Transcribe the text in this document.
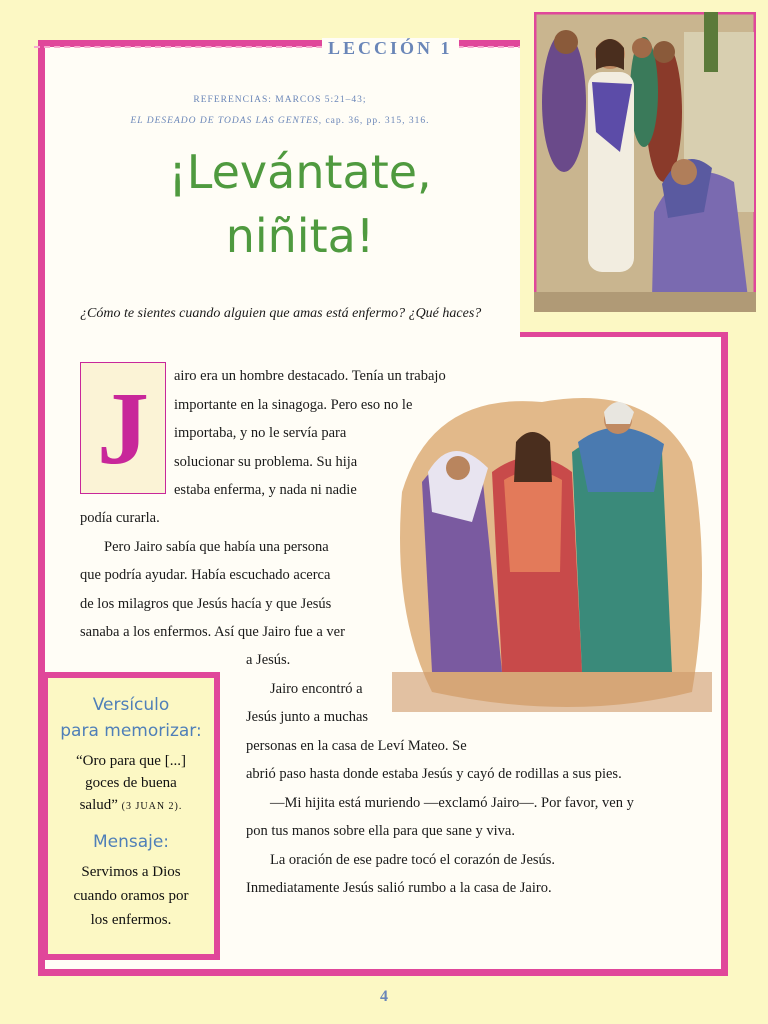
LECCIÓN 1
REFERENCIAS: MARCOS 5:21–43;
EL DESEADO DE TODAS LAS GENTES, cap. 36, pp. 315, 316.
¡Levántate,
niñita!
¿Cómo te sientes cuando alguien que amas está enfermo? ¿Qué haces?
J	airo era un hombre destacado. Tenía un trabajo

importante en la sinagoga. Pero eso no le

importaba, y no le servía para

solucionar su problema. Su hija

estaba enferma, y nada ni nadie

podía curarla.

Pero Jairo sabía que había una persona

que podría ayudar. Había escuchado acerca

de los milagros que Jesús hacía y que Jesús

sanaba a los enfermos. Así que Jairo fue a ver

a Jesús.

Jairo encontró a

Jesús junto a muchas

personas en la casa de Leví Mateo. Se

abrió paso hasta donde estaba Jesús y cayó de rodillas a sus pies.

—Mi hijita está muriendo —exclamó Jairo—. Por favor, ven y

pon tus manos sobre ella para que sane y viva.

La oración de ese padre tocó el corazón de Jesús.

Inmediatamente Jesús salió rumbo a la casa de Jairo.

Versículo
para memorizar:
“Oro para que [...]
goces de buena
salud” (3 JUAN 2).
Mensaje:
Servimos a Dios
cuando oramos por
los enfermos.
4
